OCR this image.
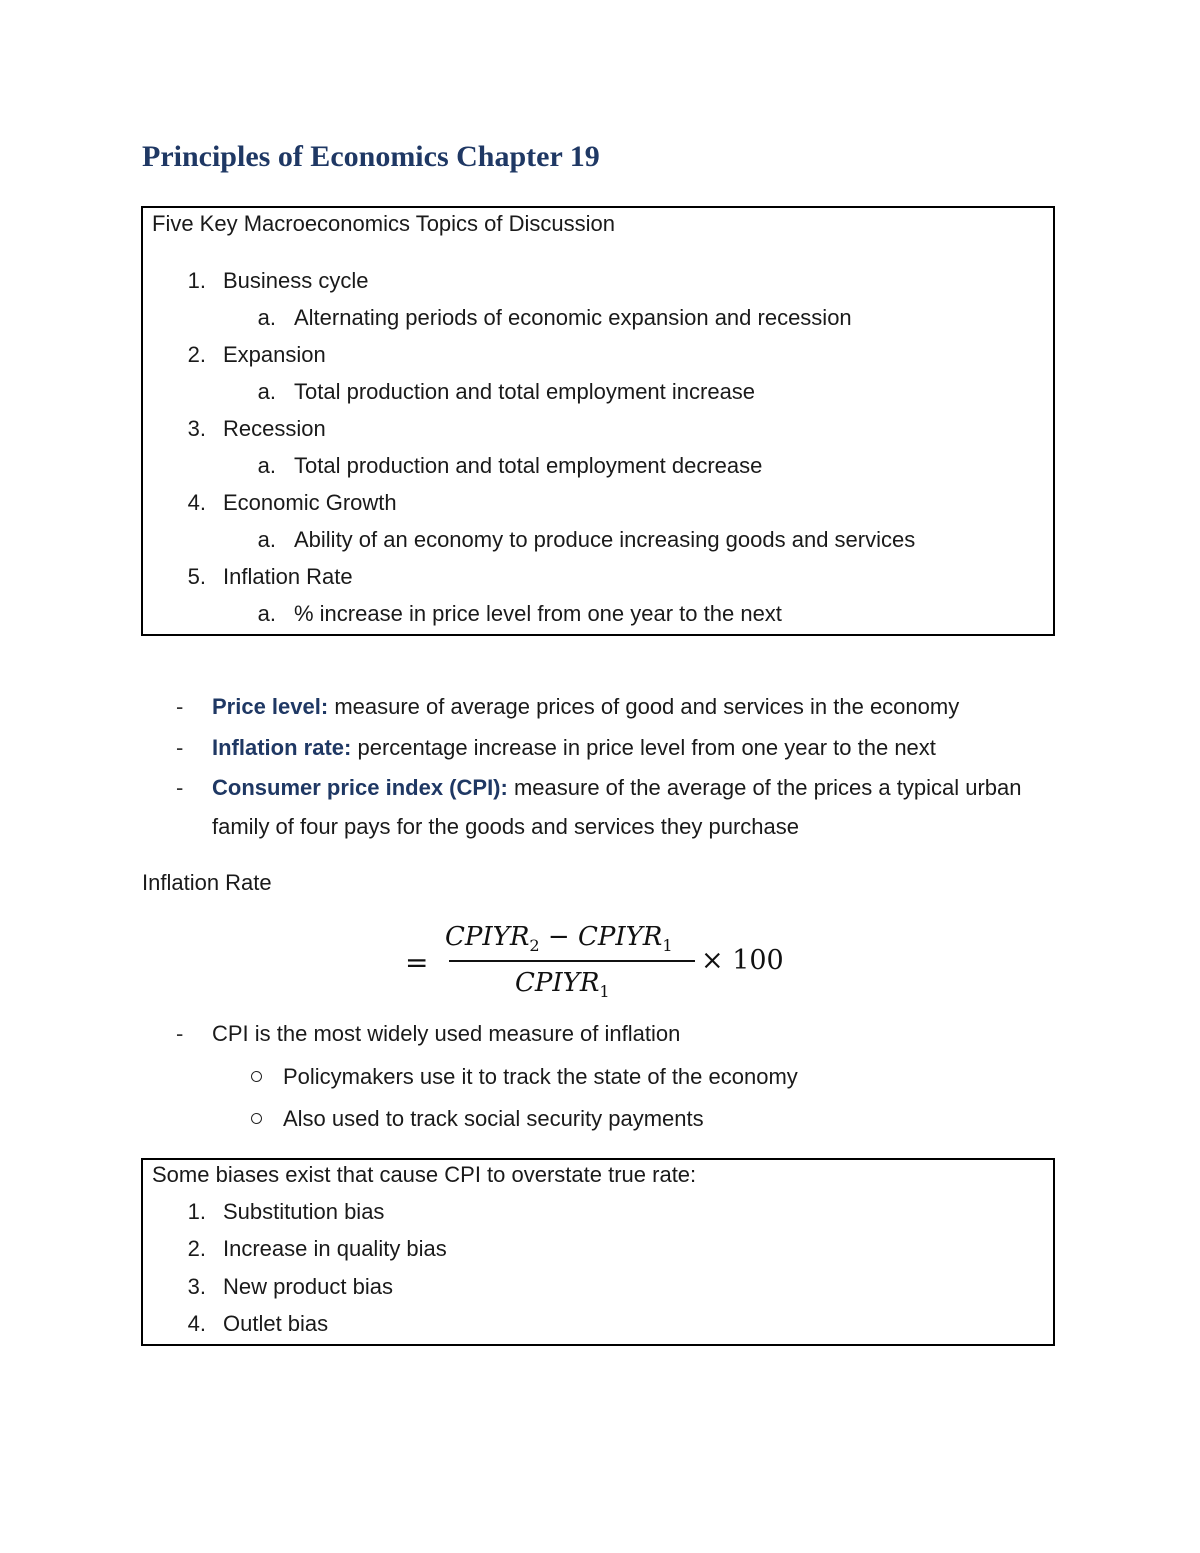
Principles of Economics Chapter 19
Five Key Macroeconomics Topics of Discussion
1. Business cycle
a. Alternating periods of economic expansion and recession
2. Expansion
a. Total production and total employment increase
3. Recession
a. Total production and total employment decrease
4. Economic Growth
a. Ability of an economy to produce increasing goods and services
5. Inflation Rate
a. % increase in price level from one year to the next
- Price level: measure of average prices of good and services in the economy
- Inflation rate: percentage increase in price level from one year to the next
- Consumer price index (CPI): measure of the average of the prices a typical urban
family of four pays for the goods and services they purchase
Inflation Rate
=
$CPIYR_2$ − $CPIYR_1$
$CPIYR_1$
× 100
- CPI is the most widely used measure of inflation
Policymakers use it to track the state of the economy
Also used to track social security payments
Some biases exist that cause CPI to overstate true rate:
1. Substitution bias
2. Increase in quality bias
3. New product bias
4. Outlet bias
